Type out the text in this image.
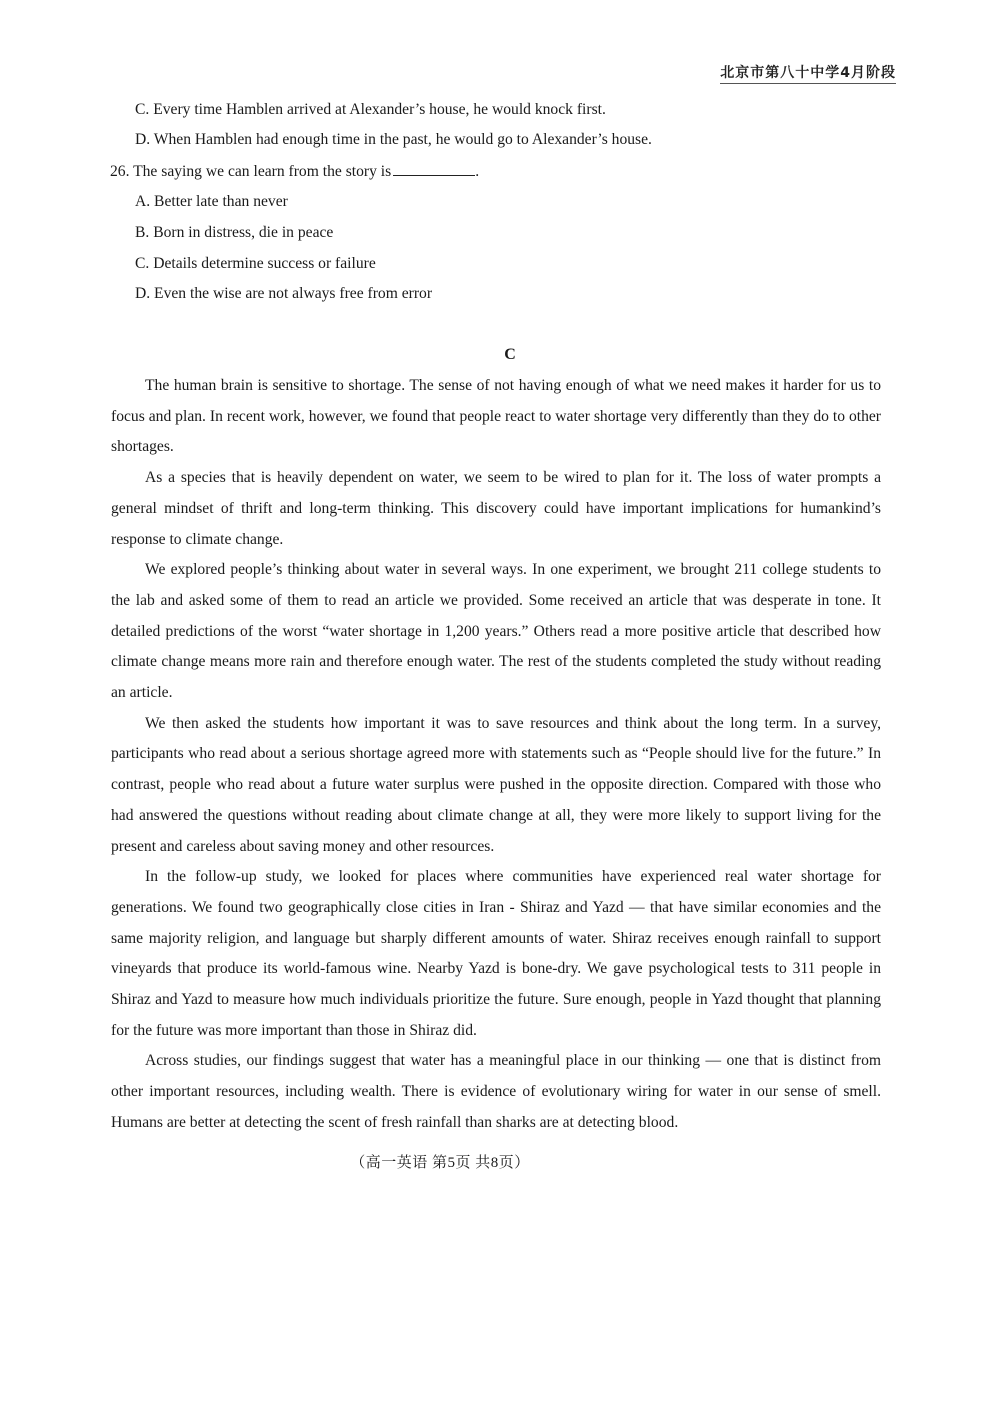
北京市第八十中学4月阶段
C. Every time Hamblen arrived at Alexander’s house, he would knock first.
D. When Hamblen had enough time in the past, he would go to Alexander’s house.
26. The saying we can learn from the story is	.
A. Better late than never
B. Born in distress, die in peace
C. Details determine success or failure
D. Even the wise are not always free from error
C

The human brain is sensitive to shortage. The sense of not having enough of what we need makes it harder for us to focus and plan. In recent work, however, we found that people react to water shortage very differently than they do to other shortages.

As a species that is heavily dependent on water, we seem to be wired to plan for it. The loss of water prompts a general mindset of thrift and long-term thinking. This discovery could have important implications for humankind’s response to climate change.

We explored people’s thinking about water in several ways. In one experiment, we brought 211 college students to the lab and asked some of them to read an article we provided. Some received an article that was desperate in tone. It detailed predictions of the worst “water shortage in 1,200 years.” Others read a more positive article that described how climate change means more rain and therefore enough water. The rest of the students completed the study without reading an article.

We then asked the students how important it was to save resources and think about the long term. In a survey, participants who read about a serious shortage agreed more with statements such as “People should live for the future.” In contrast, people who read about a future water surplus were pushed in the opposite direction. Compared with those who had answered the questions without reading about climate change at all, they were more likely to support living for the present and careless about saving money and other resources.

In the follow-up study, we looked for places where communities have experienced real water shortage for generations. We found two geographically close cities in Iran - Shiraz and Yazd — that have similar economies and the same majority religion, and language but sharply different amounts of water. Shiraz receives enough rainfall to support vineyards that produce its world-famous wine. Nearby Yazd is bone-dry. We gave psychological tests to 311 people in Shiraz and Yazd to measure how much individuals prioritize the future. Sure enough, people in Yazd thought that planning for the future was more important than those in Shiraz did.

Across studies, our findings suggest that water has a meaningful place in our thinking — one that is distinct from other important resources, including wealth. There is evidence of evolutionary wiring for water in our sense of smell. Humans are better at detecting the scent of fresh rainfall than sharks are at detecting blood.

（高一英语 第5页 共8页）
